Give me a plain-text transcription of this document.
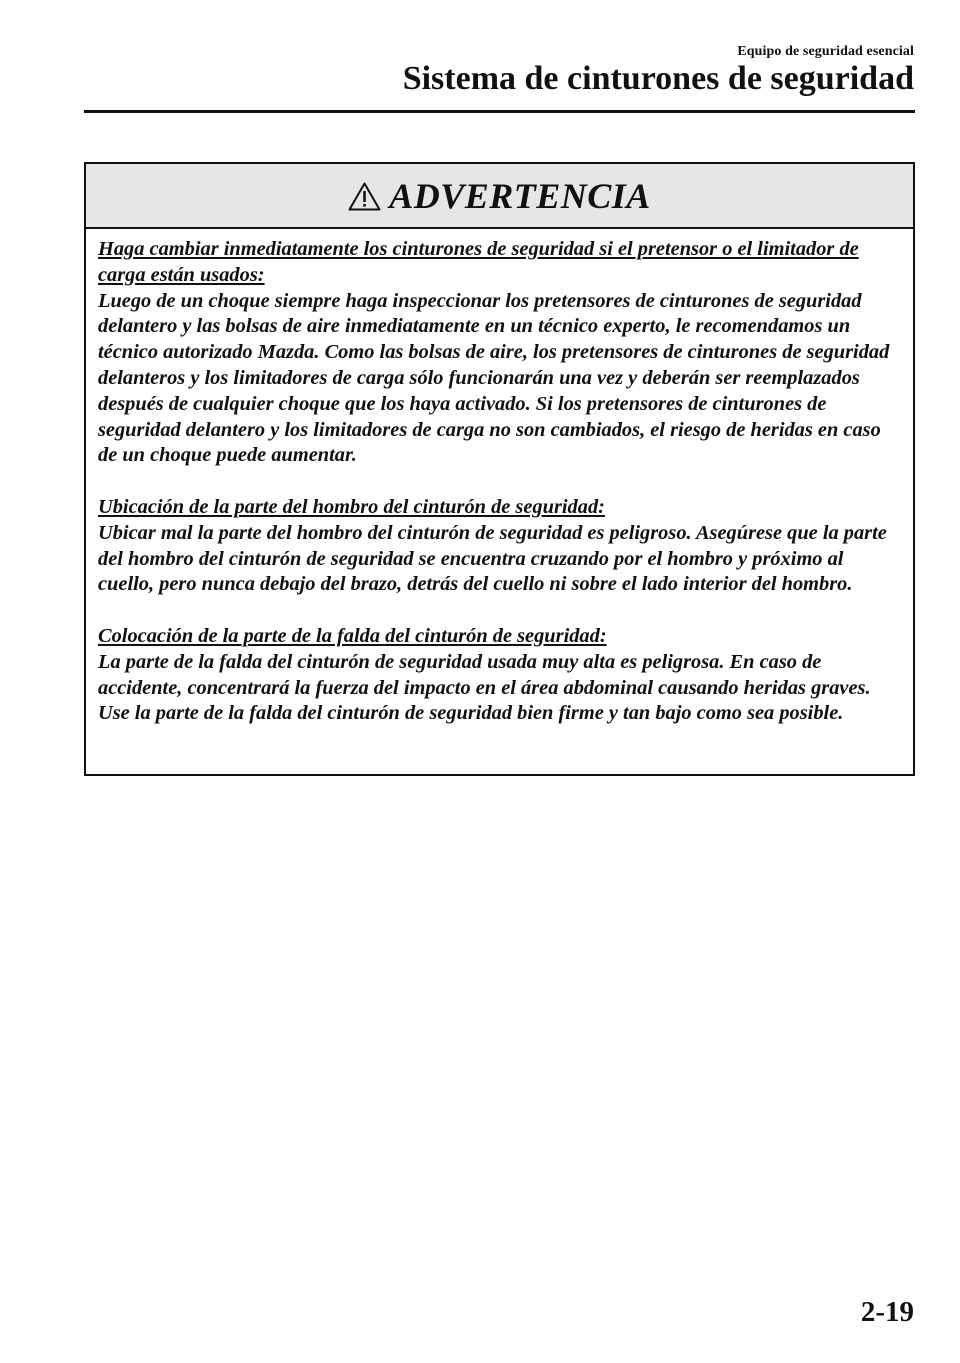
Equipo de seguridad esencial
Sistema de cinturones de seguridad
ADVERTENCIA
Haga cambiar inmediatamente los cinturones de seguridad si el pretensor o el limitador de carga están usados:
Luego de un choque siempre haga inspeccionar los pretensores de cinturones de seguridad delantero y las bolsas de aire inmediatamente en un técnico experto, le recomendamos un técnico autorizado Mazda. Como las bolsas de aire, los pretensores de cinturones de seguridad delanteros y los limitadores de carga sólo funcionarán una vez y deberán ser reemplazados después de cualquier choque que los haya activado. Si los pretensores de cinturones de seguridad delantero y los limitadores de carga no son cambiados, el riesgo de heridas en caso de un choque puede aumentar.
Ubicación de la parte del hombro del cinturón de seguridad:
Ubicar mal la parte del hombro del cinturón de seguridad es peligroso. Asegúrese que la parte del hombro del cinturón de seguridad se encuentra cruzando por el hombro y próximo al cuello, pero nunca debajo del brazo, detrás del cuello ni sobre el lado interior del hombro.
Colocación de la parte de la falda del cinturón de seguridad:
La parte de la falda del cinturón de seguridad usada muy alta es peligrosa. En caso de accidente, concentrará la fuerza del impacto en el área abdominal causando heridas graves. Use la parte de la falda del cinturón de seguridad bien firme y tan bajo como sea posible.
2-19
